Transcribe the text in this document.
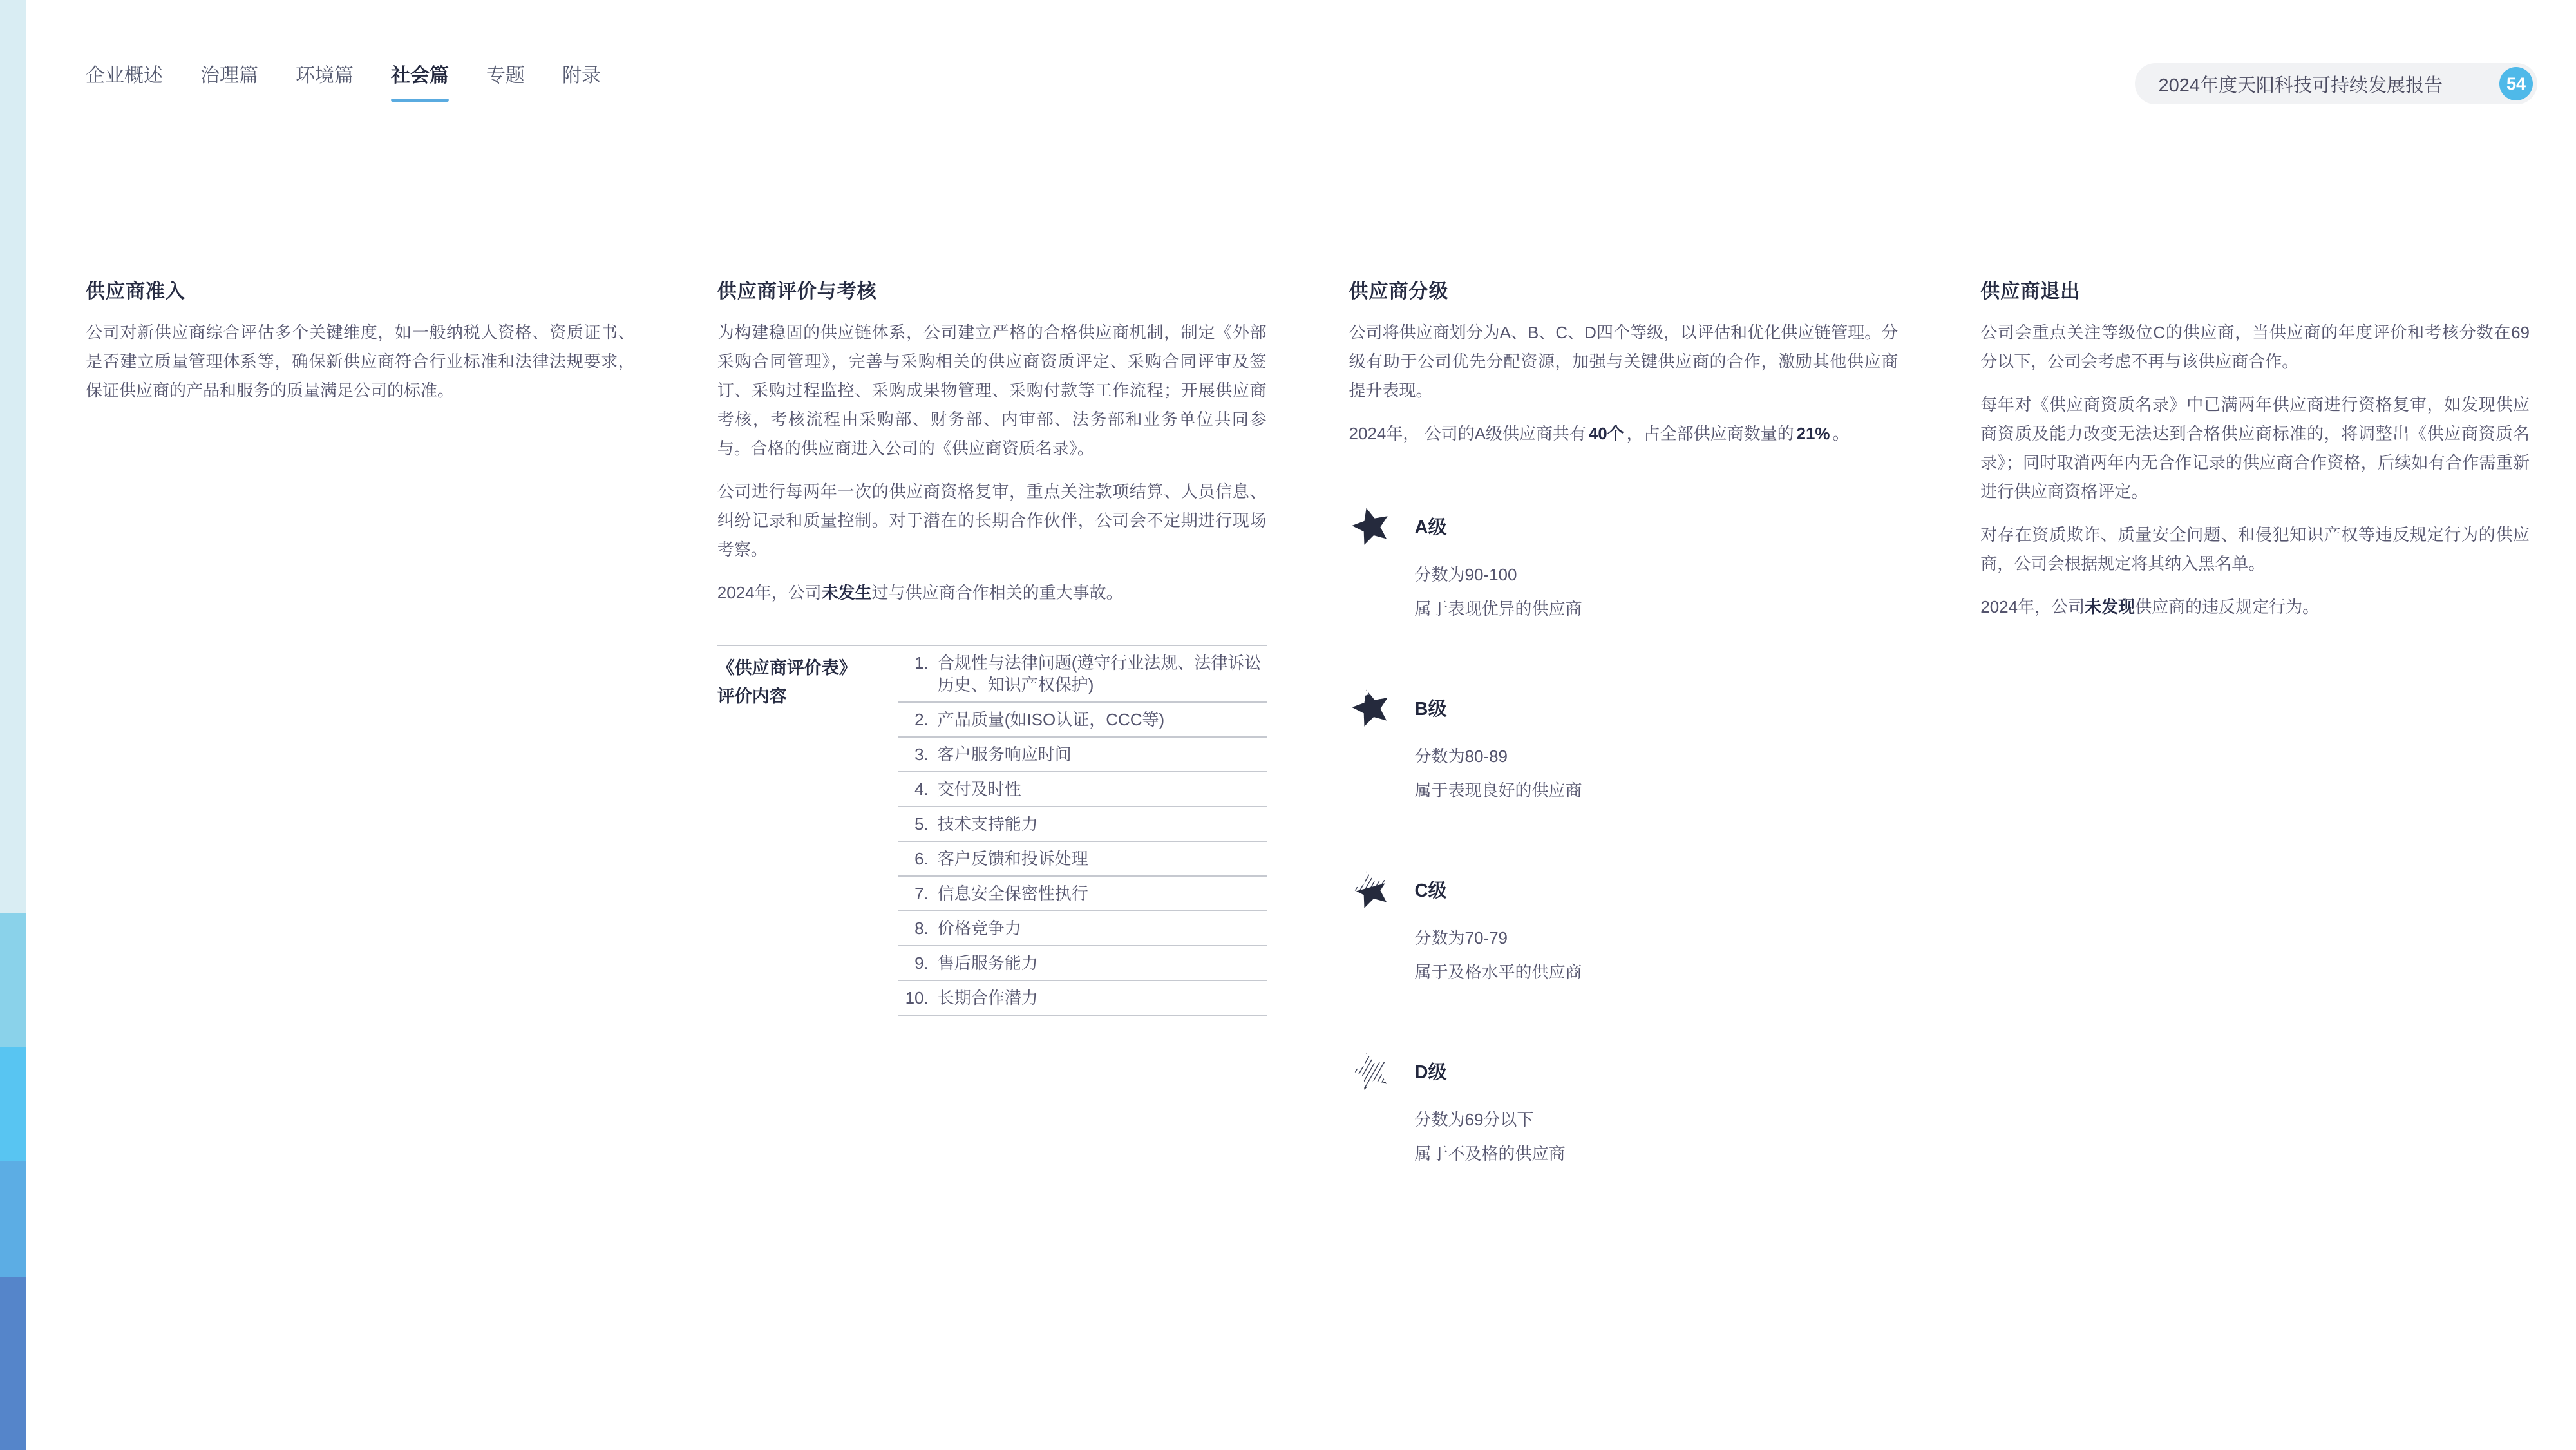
企业概述 治理篇 环境篇 社会篇 专题 附录	2024年度天阳科技可持续发展报告	54
供应商准入

公司对新供应商综合评估多个关键维度，如一般纳税人资格、资质证书、是否建立质量管理体系等，确保新供应商符合行业标准和法律法规要求，保证供应商的产品和服务的质量满足公司的标准。

供应商评价与考核

为构建稳固的供应链体系，公司建立严格的合格供应商机制，制定《外部采购合同管理》，完善与采购相关的供应商资质评定、采购合同评审及签订、采购过程监控、采购成果物管理、采购付款等工作流程；开展供应商考核，考核流程由采购部、财务部、内审部、法务部和业务单位共同参与。合格的供应商进入公司的《供应商资质名录》。

公司进行每两年一次的供应商资格复审，重点关注款项结算、人员信息、纠纷记录和质量控制。对于潜在的长期合作伙伴，公司会不定期进行现场考察。

2024年，公司未发生过与供应商合作相关的重大事故。

《供应商评价表》
评价内容
1. 合规性与法律问题(遵守行业法规、法律诉讼历史、知识产权保护)
2. 产品质量(如ISO认证，CCC等)
3. 客户服务响应时间
4. 交付及时性
5. 技术支持能力
6. 客户反馈和投诉处理
7. 信息安全保密性执行
8. 价格竞争力
9. 售后服务能力
10. 长期合作潜力
供应商分级

公司将供应商划分为A、B、C、D四个等级，以评估和优化供应链管理。分级有助于公司优先分配资源，加强与关键供应商的合作，激励其他供应商提升表现。

2024年， 公司的A级供应商共有 40个 ，占全部供应商数量的 21% 。

A级
分数为90-100
属于表现优异的供应商
B级
分数为80-89
属于表现良好的供应商
C级
分数为70-79
属于及格水平的供应商
D级
分数为69分以下
属于不及格的供应商
供应商退出

公司会重点关注等级位C的供应商，当供应商的年度评价和考核分数在69分以下，公司会考虑不再与该供应商合作。

每年对《供应商资质名录》中已满两年供应商进行资格复审，如发现供应商资质及能力改变无法达到合格供应商标准的，将调整出《供应商资质名录》；同时取消两年内无合作记录的供应商合作资格，后续如有合作需重新进行供应商资格评定。

对存在资质欺诈、质量安全问题、和侵犯知识产权等违反规定行为的供应商，公司会根据规定将其纳入黑名单。

2024年，公司未发现供应商的违反规定行为。
